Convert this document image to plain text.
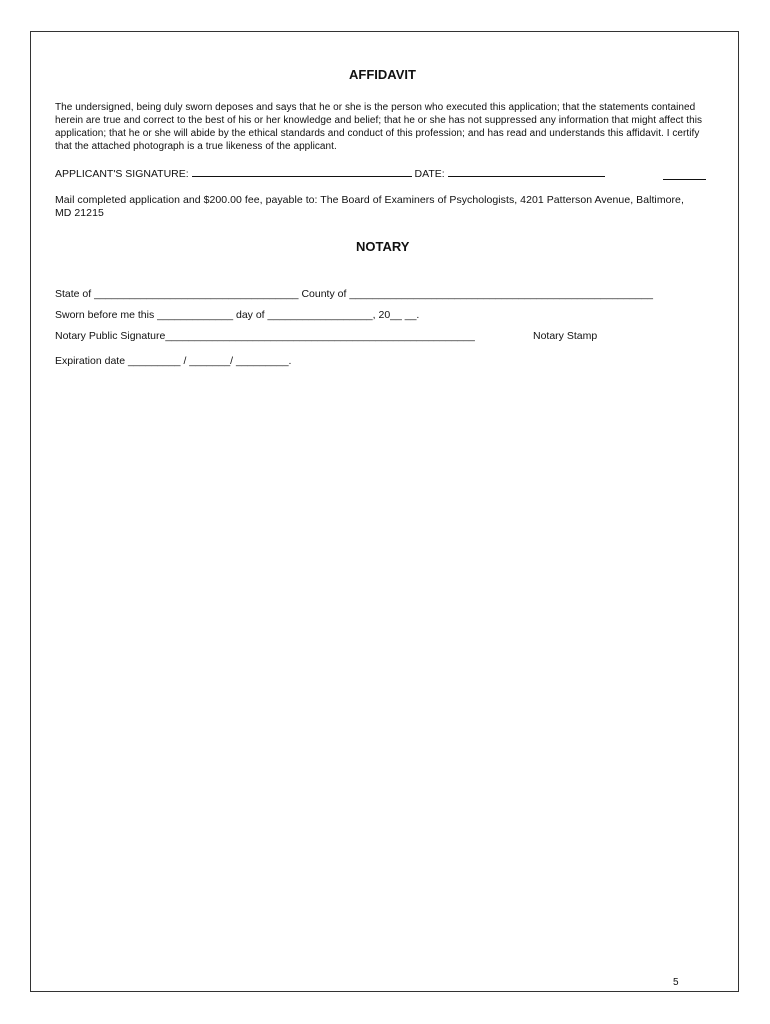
AFFIDAVIT
The undersigned, being duly sworn deposes and says that he or she is the person who executed this application; that the statements contained herein are true and correct to the best of his or her knowledge and belief; that he or she has not suppressed any information that might affect this application; that he or she will abide by the ethical standards and conduct of this profession; and has read and understands this affidavit. I certify that the attached photograph is a true likeness of the applicant.
APPLICANT'S SIGNATURE:	DATE:
Mail completed application and $200.00 fee, payable to: The Board of Examiners of Psychologists, 4201 Patterson Avenue, Baltimore, MD 21215
NOTARY
State of ___________________________________ County of ____________________________________________________
Sworn before me this _____________ day of __________________, 20__ __.
Notary Public Signature_____________________________________________________	Notary Stamp
Expiration date _________ / _______/ _________.
5
